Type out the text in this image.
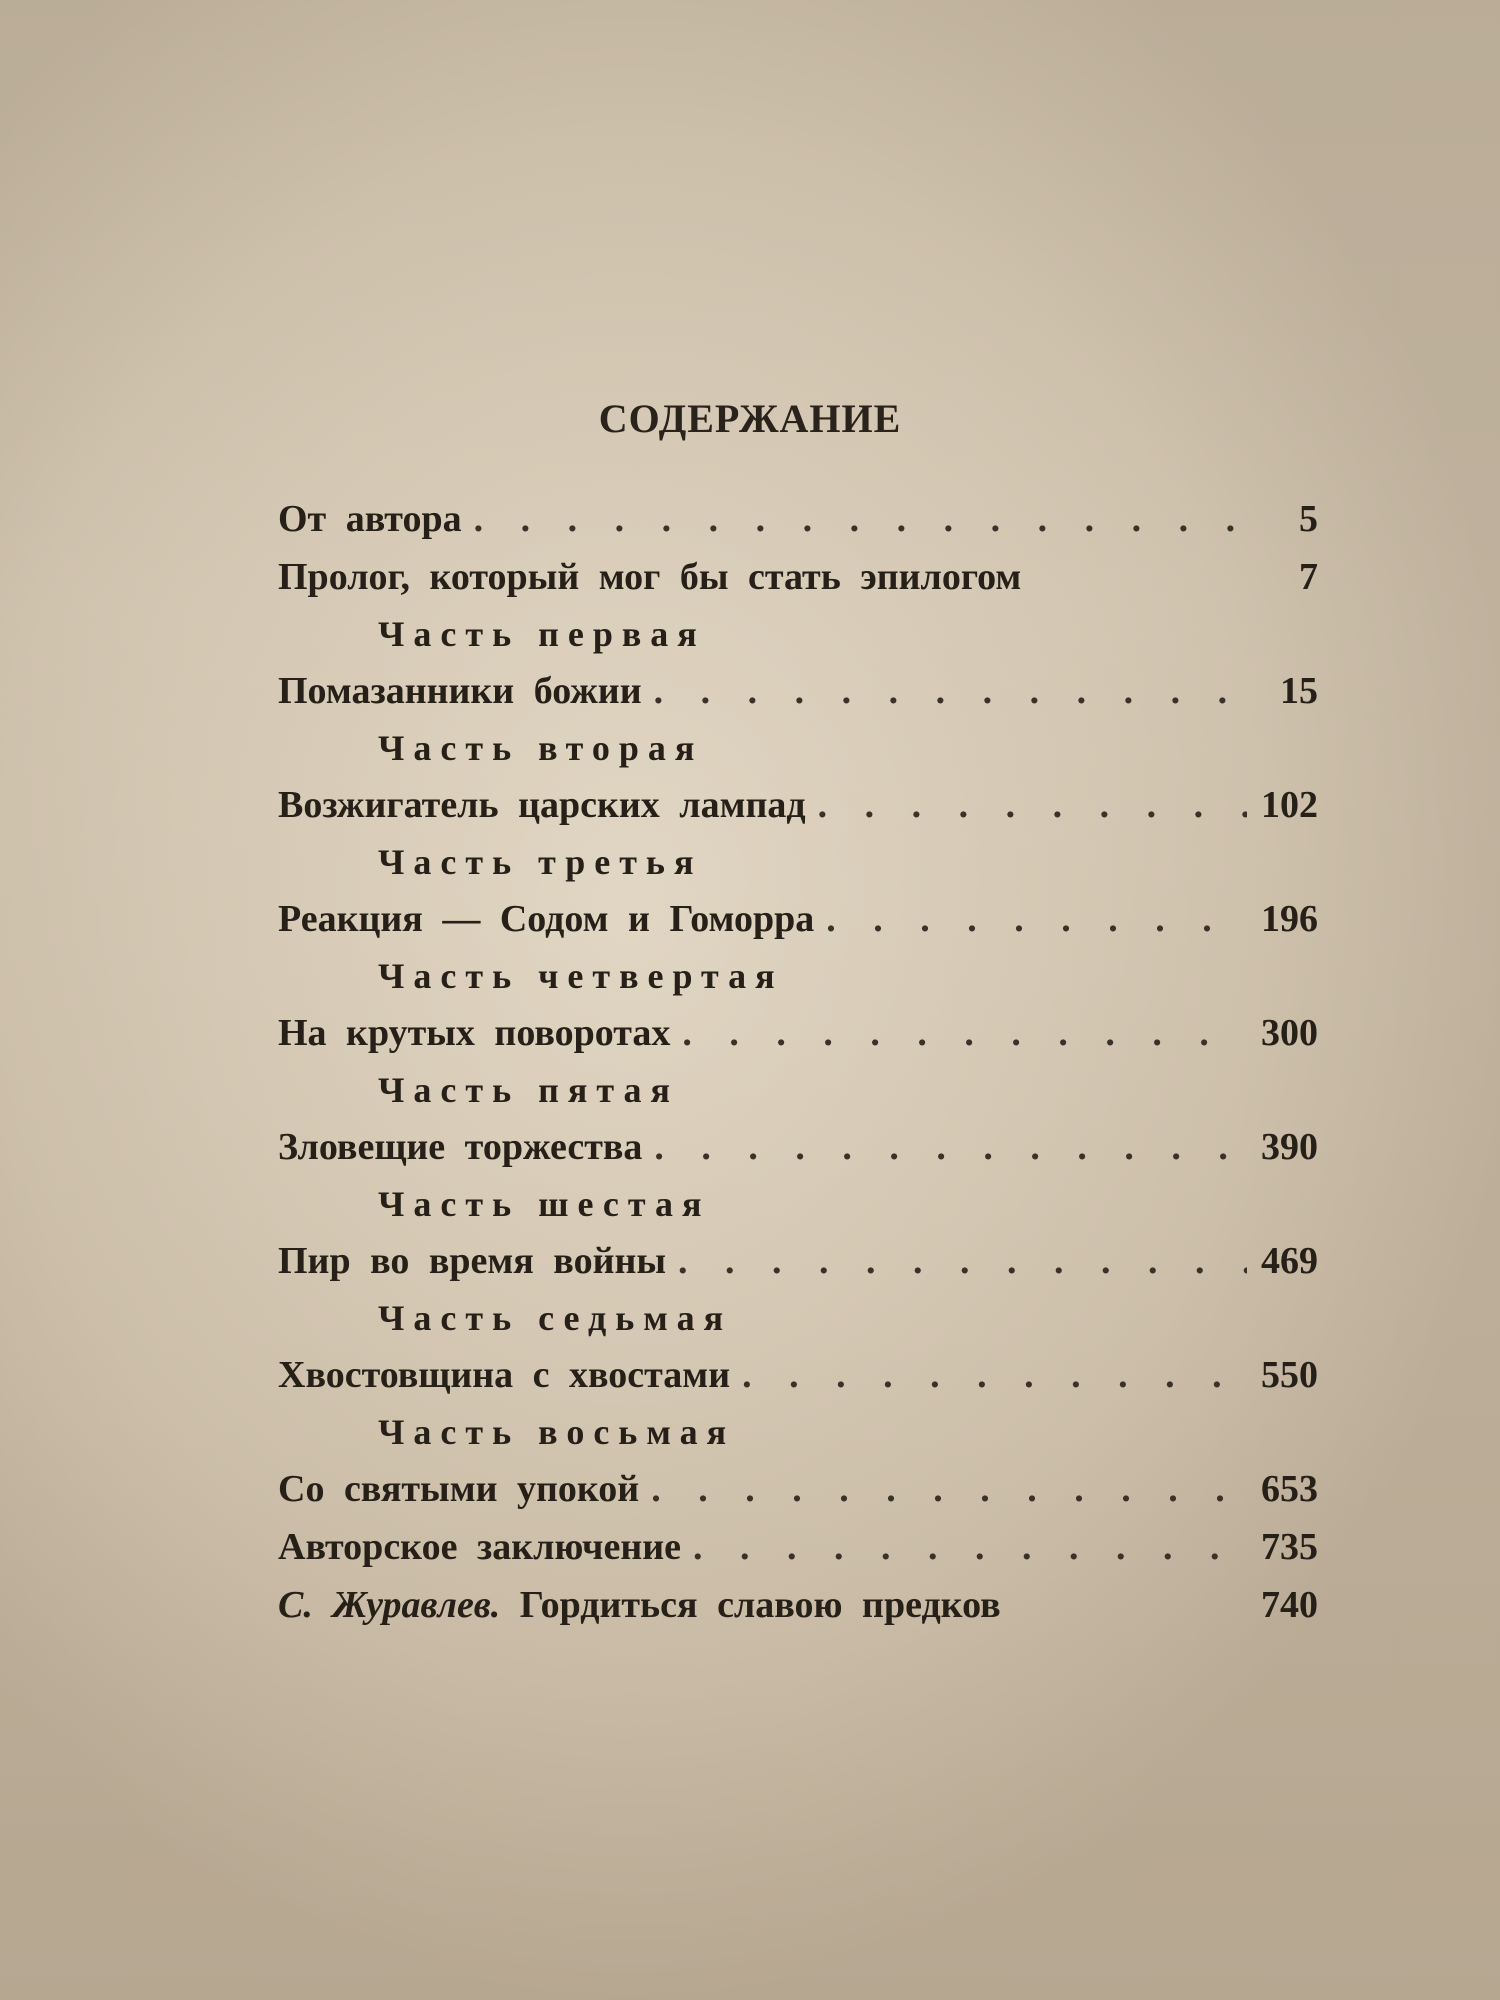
СОДЕРЖАНИЕ
От автора . . .	5
Пролог, который мог бы стать эпилогом	7
Часть первая
Помазанники божии . . .	15
Часть вторая
Возжигатель царских лампад . . .	102
Часть третья
Реакция — Содом и Гоморра . . .	196
Часть четвертая
На крутых поворотах . . .	300
Часть пятая
Зловещие торжества . . .	390
Часть шестая
Пир во время войны . . .	469
Часть седьмая
Хвостовщина с хвостами . . .	550
Часть восьмая
Со святыми упокой . . .	653
Авторское заключение . . .	735
С. Журавлев. Гордиться славою предков	740
